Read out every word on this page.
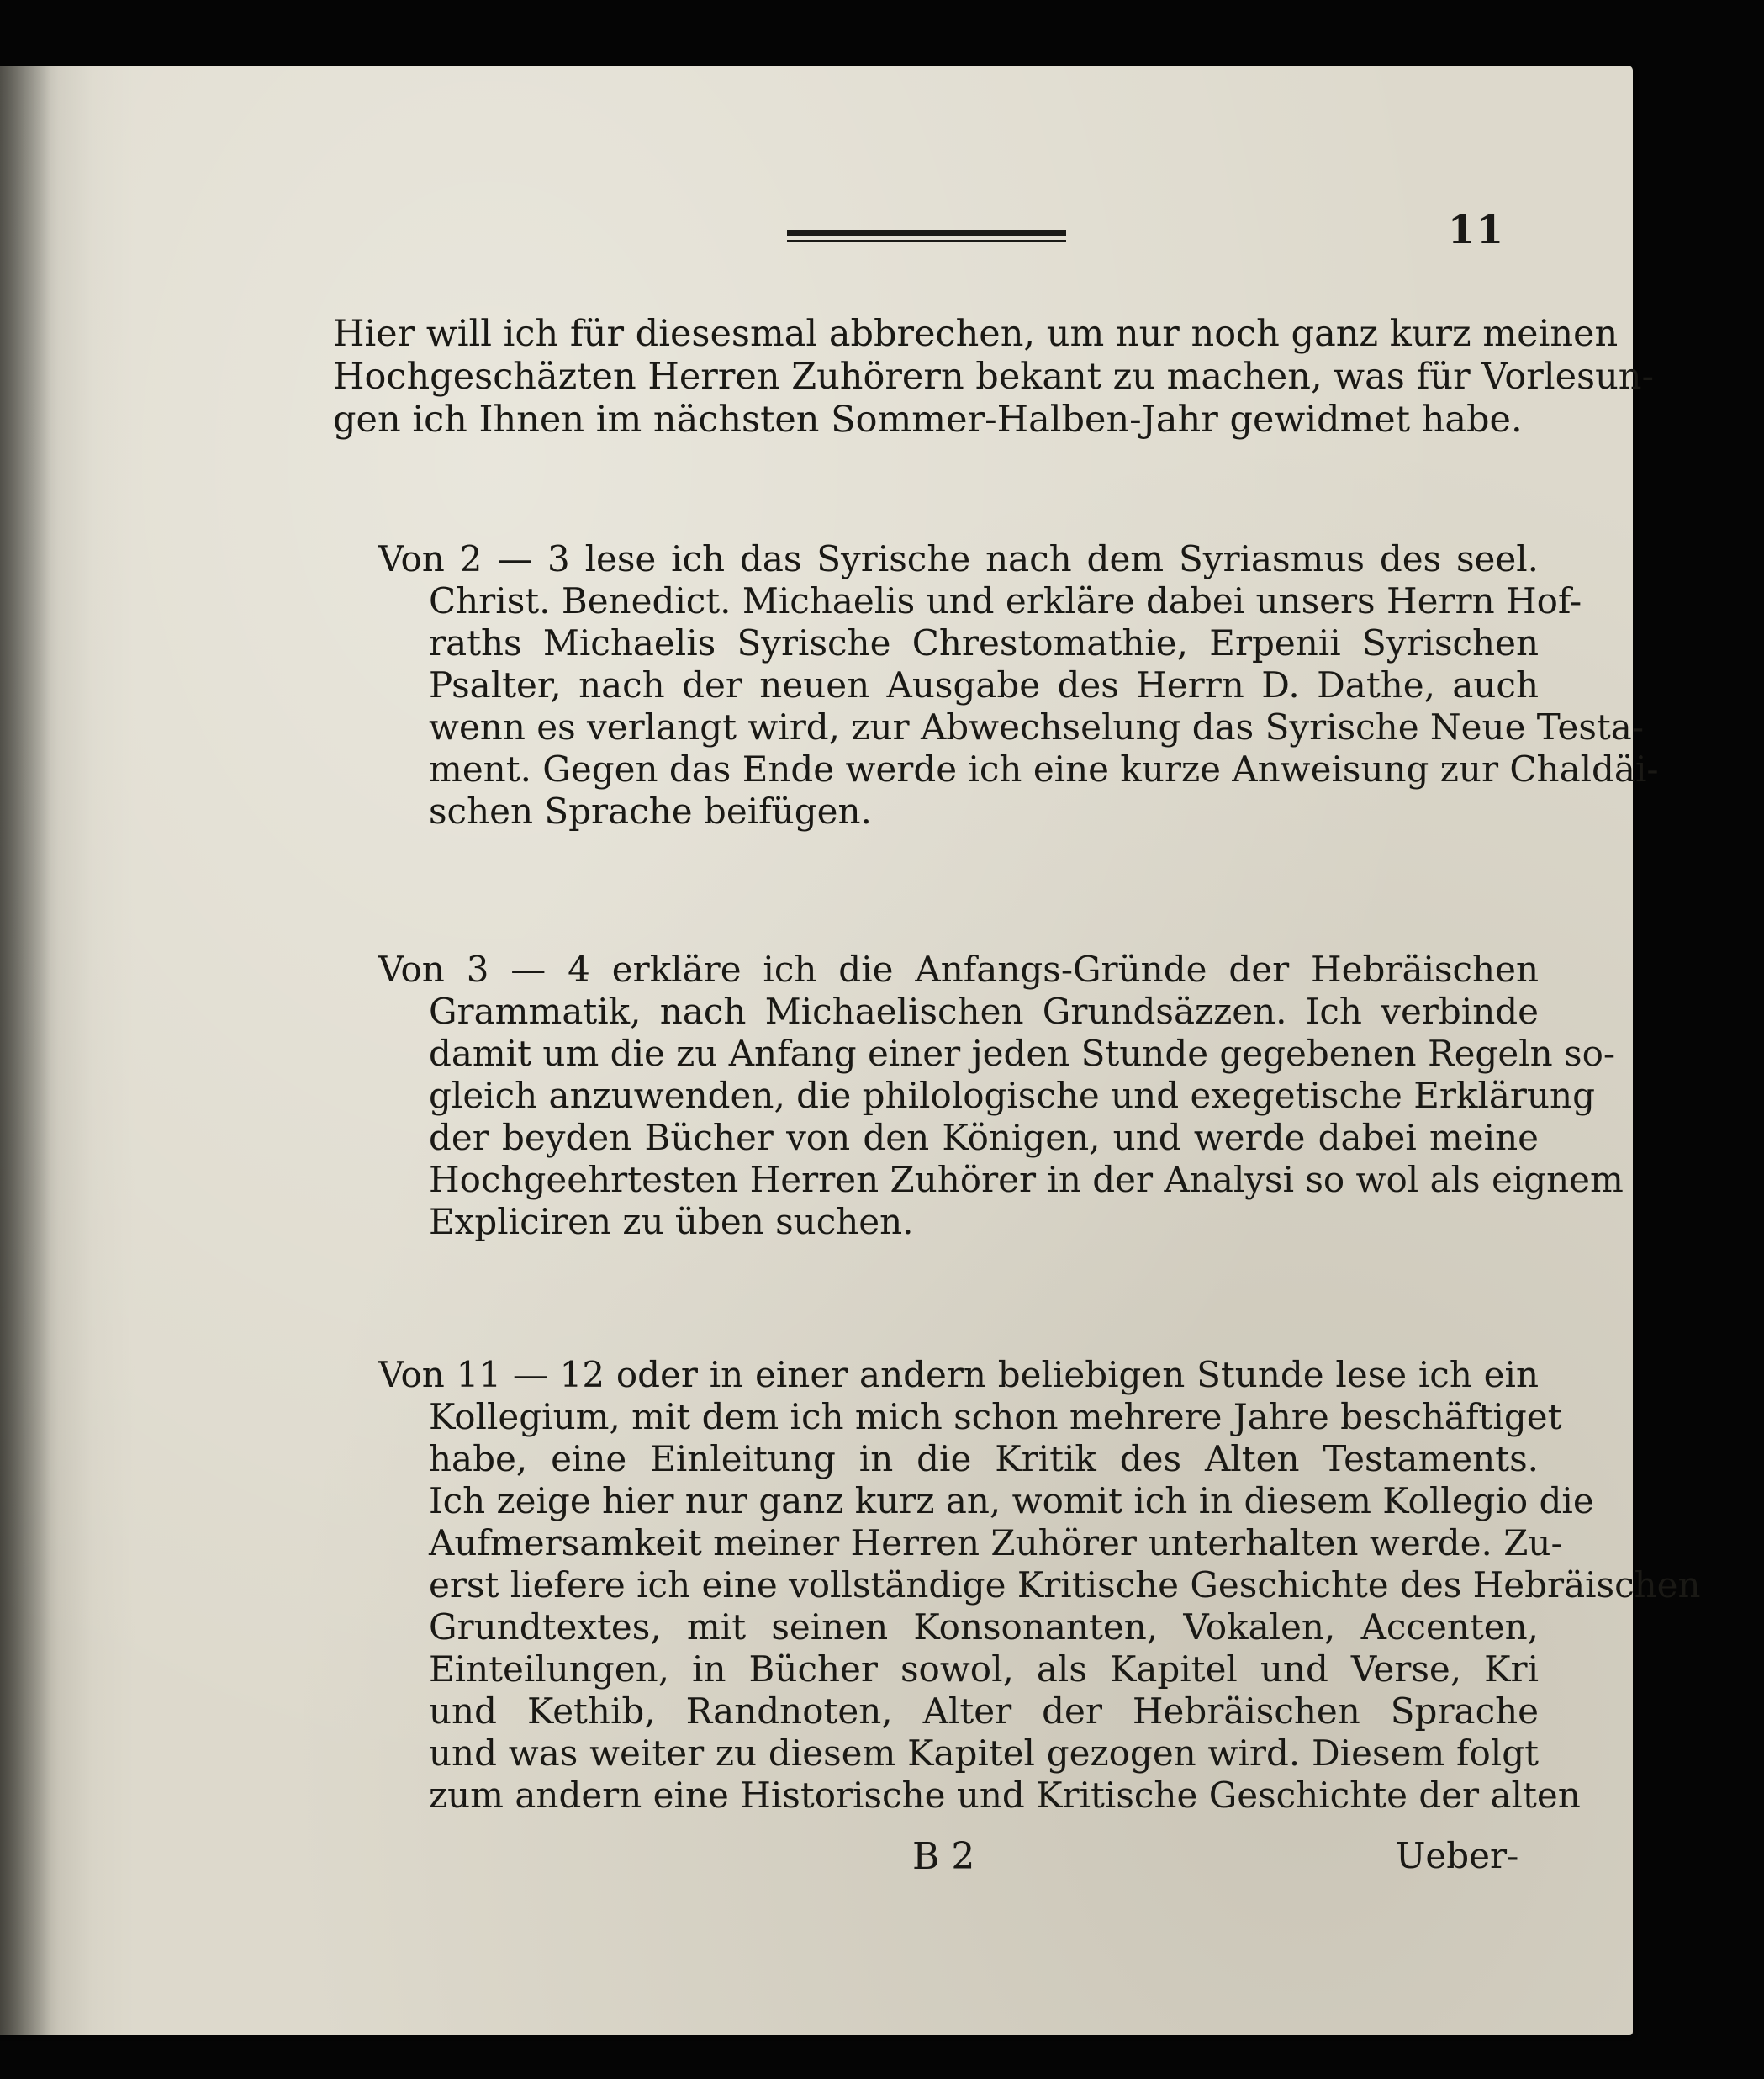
11
Hier will ich für diesesmal abbrechen, um nur noch ganz kurz meinen
Hochgeschäzten Herren Zuhörern bekant zu machen, was für Vorlesun-
gen ich Ihnen im nächsten Sommer-Halben-Jahr gewidmet habe.
Von 2 — 3 lese ich das Syrische nach dem Syriasmus des seel.
Christ. Benedict. Michaelis und erkläre dabei unsers Herrn Hof-
raths Michaelis Syrische Chrestomathie, Erpenii Syrischen
Psalter, nach der neuen Ausgabe des Herrn D. Dathe, auch
wenn es verlangt wird, zur Abwechselung das Syrische Neue Testa-
ment. Gegen das Ende werde ich eine kurze Anweisung zur Chaldäi-
schen Sprache beifügen.
Von 3 — 4 erkläre ich die Anfangs-Gründe der Hebräischen
Grammatik, nach Michaelischen Grundsäzzen. Ich verbinde
damit um die zu Anfang einer jeden Stunde gegebenen Regeln so-
gleich anzuwenden, die philologische und exegetische Erklärung
der beyden Bücher von den Königen, und werde dabei meine
Hochgeehrtesten Herren Zuhörer in der Analysi so wol als eignem
Expliciren zu üben suchen.
Von 11 — 12 oder in einer andern beliebigen Stunde lese ich ein
Kollegium, mit dem ich mich schon mehrere Jahre beschäftiget
habe, eine Einleitung in die Kritik des Alten Testaments.
Ich zeige hier nur ganz kurz an, womit ich in diesem Kollegio die
Aufmersamkeit meiner Herren Zuhörer unterhalten werde. Zu-
erst liefere ich eine vollständige Kritische Geschichte des Hebräischen
Grundtextes, mit seinen Konsonanten, Vokalen, Accenten,
Einteilungen, in Bücher sowol, als Kapitel und Verse, Kri
und Kethib, Randnoten, Alter der Hebräischen Sprache
und was weiter zu diesem Kapitel gezogen wird. Diesem folgt
zum andern eine Historische und Kritische Geschichte der alten
B 2	Ueber-
